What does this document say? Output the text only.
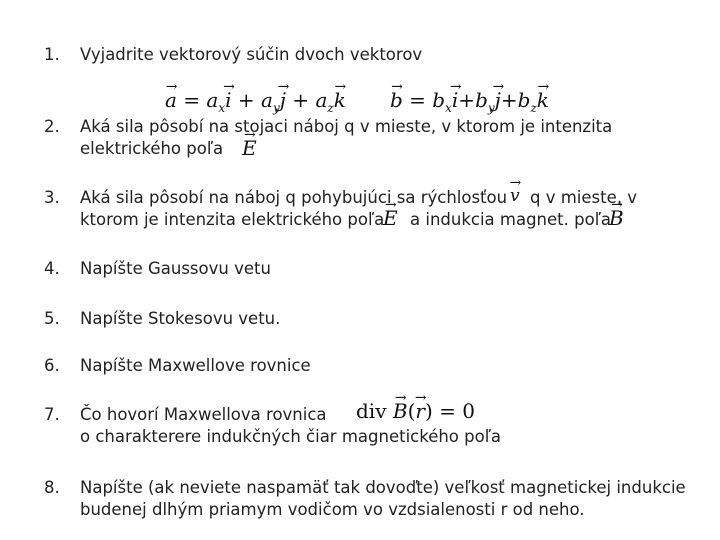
1. Vyjadrite vektorový súčin dvoch vektorov
→ $a = a_x\to i + a_y\to j + a_z\to k$
→ $b = b_x\to i+b_y\to j+b_z\to k$
2. Aká sila pôsobí na stojaci náboj q v mieste, v ktorom je intenzita
elektrického poľa
→ E
3. Aká sila pôsobí na náboj q pohybujúci sa rýchlosťou
→ v q v mieste, v
ktorom je intenzita elektrického poľa
→ E a indukcia magnet. poľa
→ B
4. Napíšte Gaussovu vetu
5. Napíšte Stokesovu vetu.
6. Napíšte Maxwellove rovnice
7. Čo hovorí Maxwellova rovnica div → B(→ r) = 0
o charakterere indukčných čiar magnetického poľa
8. Napíšte (ak neviete naspamäť tak dovoďte) veľkosť magnetickej indukcie
budenej dlhým priamym vodičom vo vzdsialenosti r od neho.
